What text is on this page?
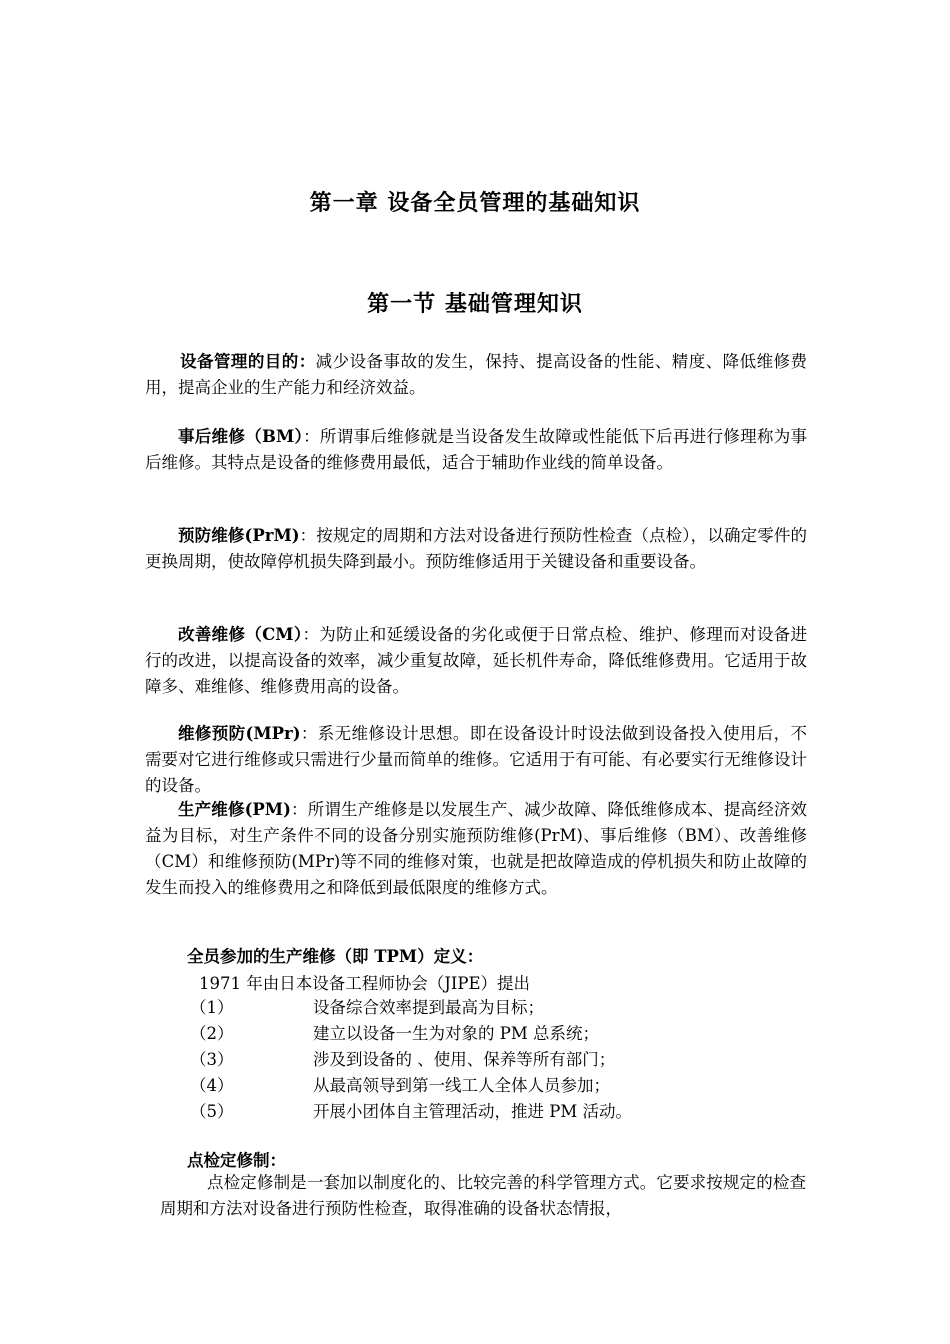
第一章 设备全员管理的基础知识
第一节 基础管理知识

设备管理的目的：减少设备事故的发生，保持、提高设备的性能、精度、降低维修费用，提高企业的生产能力和经济效益。

事后维修（BM）：所谓事后维修就是当设备发生故障或性能低下后再进行修理称为事后维修。其特点是设备的维修费用最低，适合于辅助作业线的简单设备。

预防维修(PrM)：按规定的周期和方法对设备进行预防性检查（点检），以确定零件的更换周期，使故障停机损失降到最小。预防维修适用于关键设备和重要设备。

改善维修（CM）：为防止和延缓设备的劣化或便于日常点检、维护、修理而对设备进行的改进，以提高设备的效率，减少重复故障，延长机件寿命，降低维修费用。它适用于故障多、难维修、维修费用高的设备。

维修预防(MPr)：系无维修设计思想。即在设备设计时设法做到设备投入使用后，不需要对它进行维修或只需进行少量而简单的维修。它适用于有可能、有必要实行无维修设计的设备。

生产维修(PM)：所谓生产维修是以发展生产、减少故障、降低维修成本、提高经济效益为目标，对生产条件不同的设备分别实施预防维修(PrM)、事后维修（BM）、改善维修（CM）和维修预防(MPr)等不同的维修对策，也就是把故障造成的停机损失和防止故障的发生而投入的维修费用之和降低到最低限度的维修方式。

全员参加的生产维修（即 TPM）定义：
1971 年由日本设备工程师协会（JIPE）提出
（1）	设备综合效率提到最高为目标；
（2）	建立以设备一生为对象的 PM 总系统；
（3）	涉及到设备的 、使用、保养等所有部门；
（4）	从最高领导到第一线工人全体人员参加；
（5）	开展小团体自主管理活动，推进 PM 活动。
点检定修制：

点检定修制是一套加以制度化的、比较完善的科学管理方式。它要求按规定的检查周期和方法对设备进行预防性检查，取得准确的设备状态情报，
